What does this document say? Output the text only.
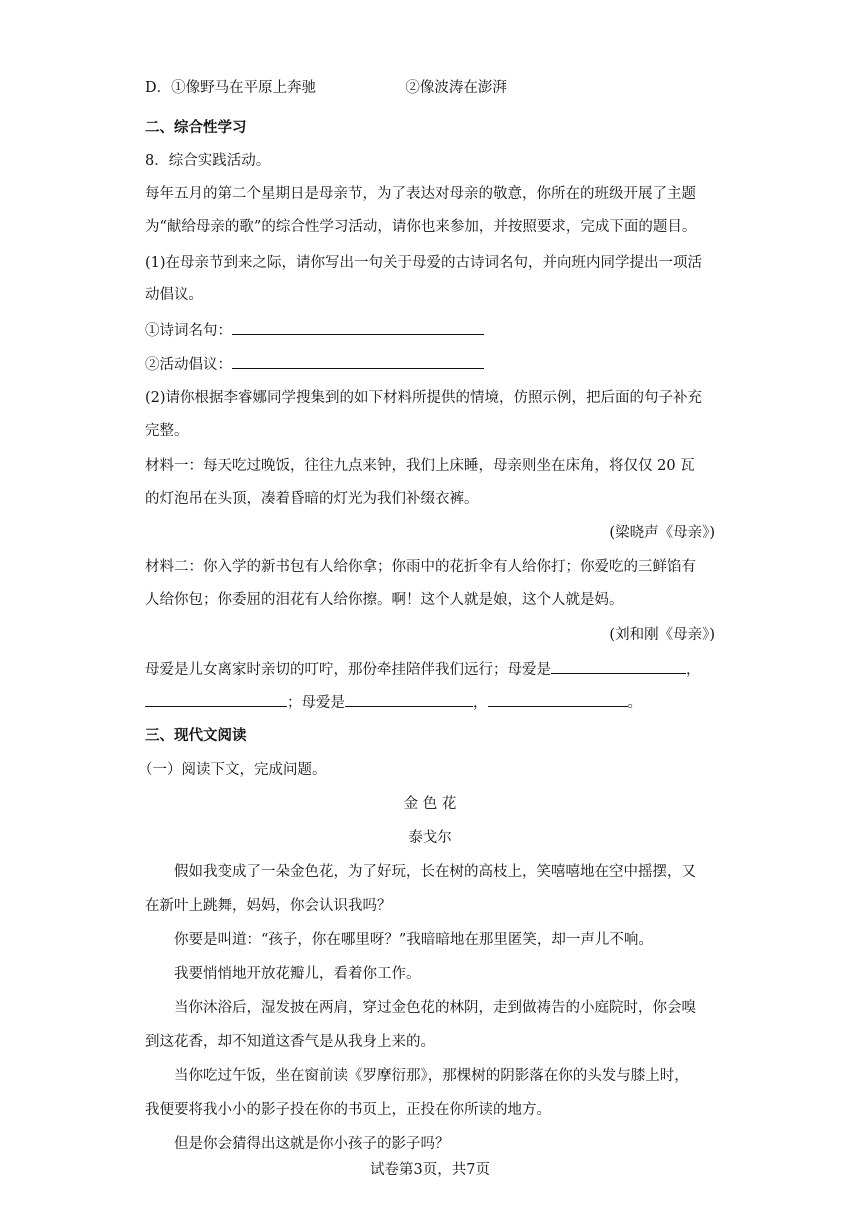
D．①像野马在平原上奔驰	②像波涛在澎湃
二、综合性学习
8．综合实践活动。
每年五月的第二个星期日是母亲节，为了表达对母亲的敬意，你所在的班级开展了主题
为“献给母亲的歌”的综合性学习活动，请你也来参加，并按照要求，完成下面的题目。
(1)在母亲节到来之际，请你写出一句关于母爱的古诗词名句，并向班内同学提出一项活
动倡议。
①诗词名句：
②活动倡议：
(2)请你根据李睿娜同学搜集到的如下材料所提供的情境，仿照示例，把后面的句子补充
完整。
材料一：每天吃过晚饭，往往九点来钟，我们上床睡，母亲则坐在床角，将仅仅 20 瓦
的灯泡吊在头顶，凑着昏暗的灯光为我们补缀衣裤。
(梁晓声《母亲》)
材料二：你入学的新书包有人给你拿；你雨中的花折伞有人给你打；你爱吃的三鲜馅有
人给你包；你委屈的泪花有人给你擦。啊！这个人就是娘，这个人就是妈。
(刘和刚《母亲》)
母爱是儿女离家时亲切的叮咛，那份牵挂陪伴我们远行；母爱是	，
；母爱是	，	。
三、现代文阅读
（一）阅读下文，完成问题。
金 色 花
泰戈尔
假如我变成了一朵金色花，为了好玩，长在树的高枝上，笑嘻嘻地在空中摇摆，又
在新叶上跳舞，妈妈，你会认识我吗？
你要是叫道：“孩子，你在哪里呀？”我暗暗地在那里匿笑，却一声儿不响。
我要悄悄地开放花瓣儿，看着你工作。
当你沐浴后，湿发披在两肩，穿过金色花的林阴，走到做祷告的小庭院时，你会嗅
到这花香，却不知道这香气是从我身上来的。
当你吃过午饭，坐在窗前读《罗摩衍那》，那棵树的阴影落在你的头发与膝上时，
我便要将我小小的影子投在你的书页上，正投在你所读的地方。
但是你会猜得出这就是你小孩子的影子吗？
试卷第3页，共7页
